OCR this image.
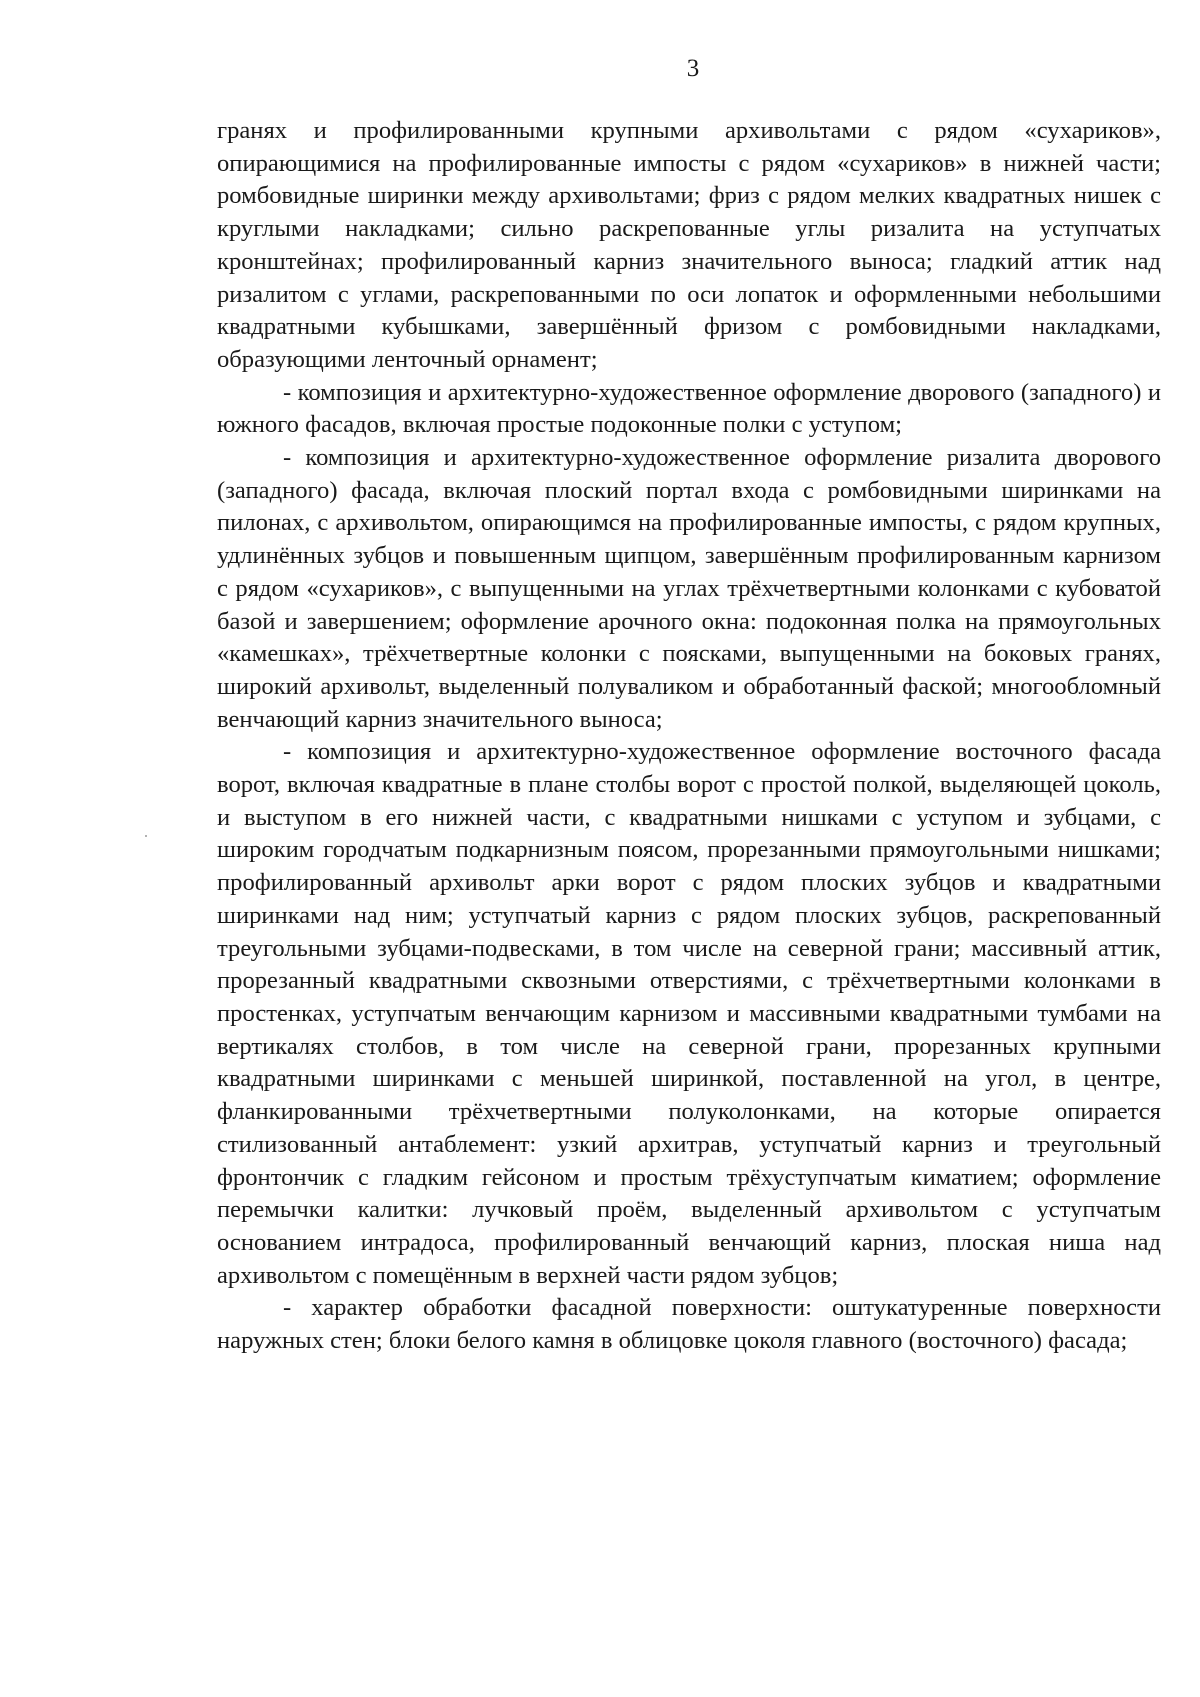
3

гранях и профилированными крупными архивольтами с рядом «сухариков», опирающимися на профилированные импосты с рядом «сухариков» в нижней части; ромбовидные ширинки между архивольтами; фриз с рядом мелких квадратных нишек с круглыми накладками; сильно раскрепованные углы ризалита на уступчатых кронштейнах; профилированный карниз значительного выноса; гладкий аттик над ризалитом с углами, раскрепованными по оси лопаток и оформленными небольшими квадратными кубышками, завершённый фризом с ромбовидными накладками, образующими ленточный орнамент;

- композиция и архитектурно-художественное оформление дворового (западного) и южного фасадов, включая простые подоконные полки с уступом;

- композиция и архитектурно-художественное оформление ризалита дворового (западного) фасада, включая плоский портал входа с ромбовидными ширинками на пилонах, с архивольтом, опирающимся на профилированные импосты, с рядом крупных, удлинённых зубцов и повышенным щипцом, завершённым профилированным карнизом с рядом «сухариков», с выпущенными на углах трёхчетвертными колонками с кубоватой базой и завершением; оформление арочного окна: подоконная полка на прямоугольных «камешках», трёхчетвертные колонки с поясками, выпущенными на боковых гранях, широкий архивольт, выделенный полуваликом и обработанный фаской; многообломный венчающий карниз значительного выноса;

- композиция и архитектурно-художественное оформление восточного фасада ворот, включая квадратные в плане столбы ворот с простой полкой, выделяющей цоколь, и выступом в его нижней части, с квадратными нишками с уступом и зубцами, с широким городчатым подкарнизным поясом, прорезанными прямоугольными нишками; профилированный архивольт арки ворот с рядом плоских зубцов и квадратными ширинками над ним; уступчатый карниз с рядом плоских зубцов, раскрепованный треугольными зубцами-подвесками, в том числе на северной грани; массивный аттик, прорезанный квадратными сквозными отверстиями, с трёхчетвертными колонками в простенках, уступчатым венчающим карнизом и массивными квадратными тумбами на вертикалях столбов, в том числе на северной грани, прорезанных крупными квадратными ширинками с меньшей ширинкой, поставленной на угол, в центре, фланкированными трёхчетвертными полуколонками, на которые опирается стилизованный антаблемент: узкий архитрав, уступчатый карниз и треугольный фронтончик с гладким гейсоном и простым трёхуступчатым киматием; оформление перемычки калитки: лучковый проём, выделенный архивольтом с уступчатым основанием интрадоса, профилированный венчающий карниз, плоская ниша над архивольтом с помещённым в верхней части рядом зубцов;

- характер обработки фасадной поверхности: оштукатуренные поверхности наружных стен; блоки белого камня в облицовке цоколя главного (восточного) фасада;
